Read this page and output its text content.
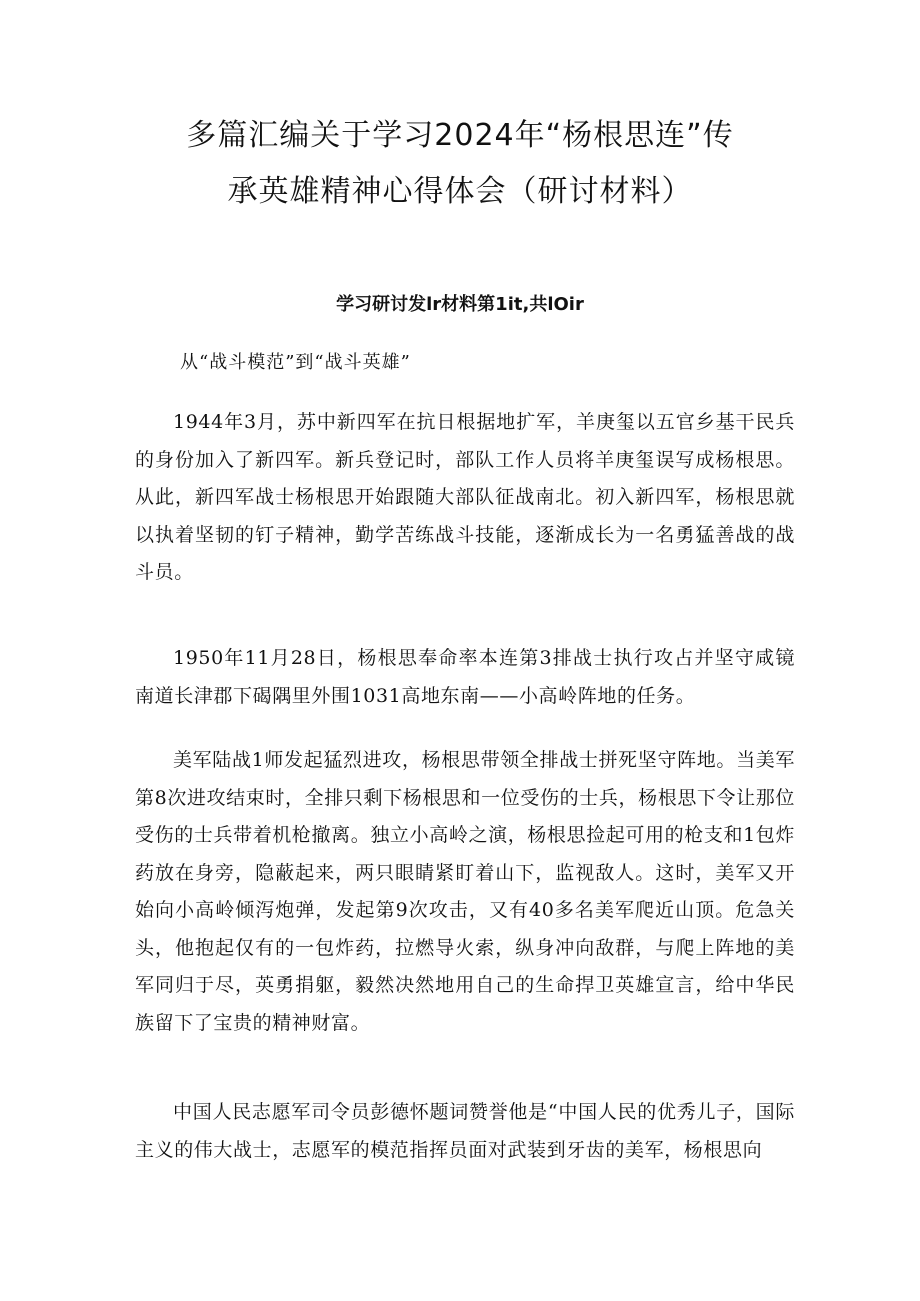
多篇汇编关于学习2024年“杨根思连”传
承英雄精神心得体会（研讨材料）

学习研讨发lr材料第1it,共lOir

从“战斗模范”到“战斗英雄”

1944年3月，苏中新四军在抗日根据地扩军，羊庚玺以五官乡基干民兵的身份加入了新四军。新兵登记时，部队工作人员将羊庚玺误写成杨根思。从此，新四军战士杨根思开始跟随大部队征战南北。初入新四军，杨根思就以执着坚韧的钉子精神，勤学苦练战斗技能，逐渐成长为一名勇猛善战的战斗员。

1950年11月28日，杨根思奉命率本连第3排战士执行攻占并坚守咸镜南道长津郡下碣隅里外围1031高地东南——小高岭阵地的任务。

美军陆战1师发起猛烈进攻，杨根思带领全排战士拼死坚守阵地。当美军第8次进攻结束时，全排只剩下杨根思和一位受伤的士兵，杨根思下令让那位受伤的士兵带着机枪撤离。独立小高岭之演，杨根思捡起可用的枪支和1包炸药放在身旁，隐蔽起来，两只眼睛紧盯着山下，监视敌人。这时，美军又开始向小高岭倾泻炮弹，发起第9次攻击，又有40多名美军爬近山顶。危急关头，他抱起仅有的一包炸药，拉燃导火索，纵身冲向敌群，与爬上阵地的美军同归于尽，英勇捐躯，毅然决然地用自己的生命捍卫英雄宣言，给中华民族留下了宝贵的精神财富。

中国人民志愿军司令员彭德怀题词赞誉他是“中国人民的优秀儿子，国际主义的伟大战士，志愿军的模范指挥员面对武装到牙齿的美军，杨根思向
